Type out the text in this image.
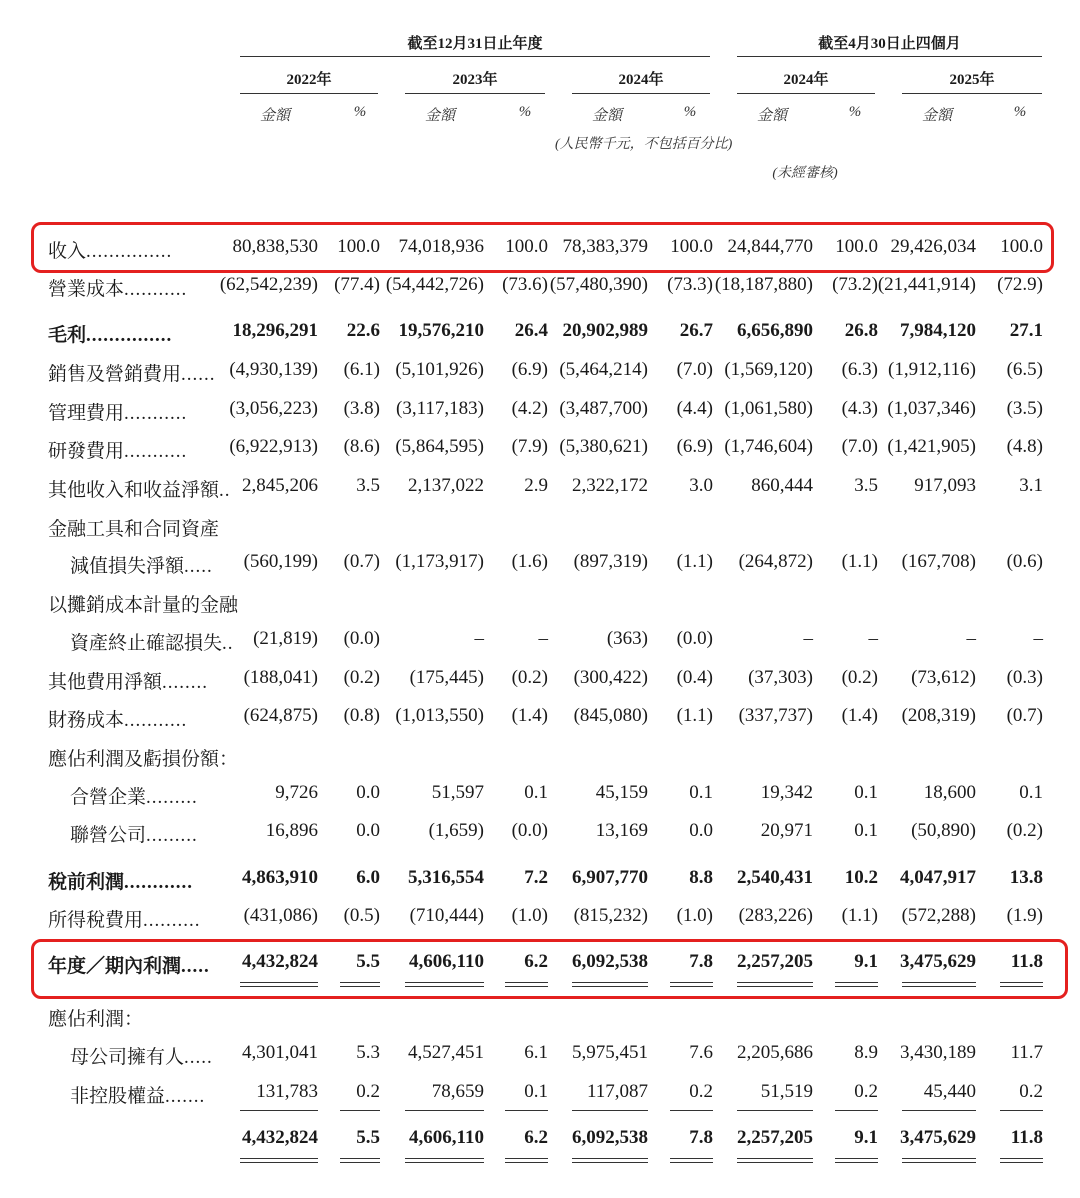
截至12月31日止年度	截至4月30日止四個月
2022年	2023年	2024年	2024年	2025年
金額	%	金額	%	金額	%	金額	%	金額	%
(人民幣千元，不包括百分比)
(未經審核)
收入...............	80,838,530	100.0 74,018,936	100.0 78,383,379	100.0 24,844,770	100.0 29,426,034	100.0
營業成本...........	(62,542,239) (77.4) (54,442,726) (73.6) (57,480,390) (73.3) (18,187,880) (73.2) (21,441,914) (72.9)
毛利...............	18,296,291	22.6 19,576,210	26.4 20,902,989	26.7	6,656,890	26.8	7,984,120	27.1
銷售及營銷費用...... (4,930,139)	(6.1) (5,101,926)	(6.9) (5,464,214)	(7.0) (1,569,120)	(6.3) (1,912,116)	(6.5)
管理費用...........	(3,056,223)	(3.8) (3,117,183)	(4.2) (3,487,700)	(4.4) (1,061,580)	(4.3) (1,037,346)	(3.5)
研發費用...........	(6,922,913)	(8.6) (5,864,595)	(7.9) (5,380,621)	(6.9) (1,746,604)	(7.0) (1,421,905)	(4.8)
其他收入和收益淨額.. 2,845,206	3.5	2,137,022	2.9	2,322,172	3.0	860,444	3.5	917,093	3.1
金融工具和合同資產
減值損失淨額.....	(560,199)	(0.7) (1,173,917)	(1.6)	(897,319)	(1.1)	(264,872)	(1.1)	(167,708)	(0.6)
以攤銷成本計量的金融
資產終止確認損失..	(21,819)	(0.0)	–	–	(363)	(0.0)	–	–	–	–
其他費用淨額........	(188,041)	(0.2)	(175,445)	(0.2)	(300,422)	(0.4)	(37,303)	(0.2)	(73,612)	(0.3)
財務成本...........	(624,875)	(0.8) (1,013,550)	(1.4)	(845,080)	(1.1)	(337,737)	(1.4)	(208,319)	(0.7)
應佔利潤及虧損份額：
合營企業.........	9,726	0.0	51,597	0.1	45,159	0.1	19,342	0.1	18,600	0.1
聯營公司.........	16,896	0.0	(1,659)	(0.0)	13,169	0.0	20,971	0.1	(50,890)	(0.2)
稅前利潤............	4,863,910	6.0	5,316,554	7.2	6,907,770	8.8	2,540,431	10.2	4,047,917	13.8
所得稅費用..........	(431,086)	(0.5)	(710,444)	(1.0)	(815,232)	(1.0)	(283,226)	(1.1)	(572,288)	(1.9)
年度／期內利潤.....	4,432,824	5.5	4,606,110	6.2	6,092,538	7.8	2,257,205	9.1	3,475,629	11.8
應佔利潤：
母公司擁有人.....	4,301,041	5.3	4,527,451	6.1	5,975,451	7.6	2,205,686	8.9	3,430,189	11.7
非控股權益.......	131,783	0.2	78,659	0.1	117,087	0.2	51,519	0.2	45,440	0.2
4,432,824	5.5	4,606,110	6.2	6,092,538	7.8	2,257,205	9.1	3,475,629	11.8
